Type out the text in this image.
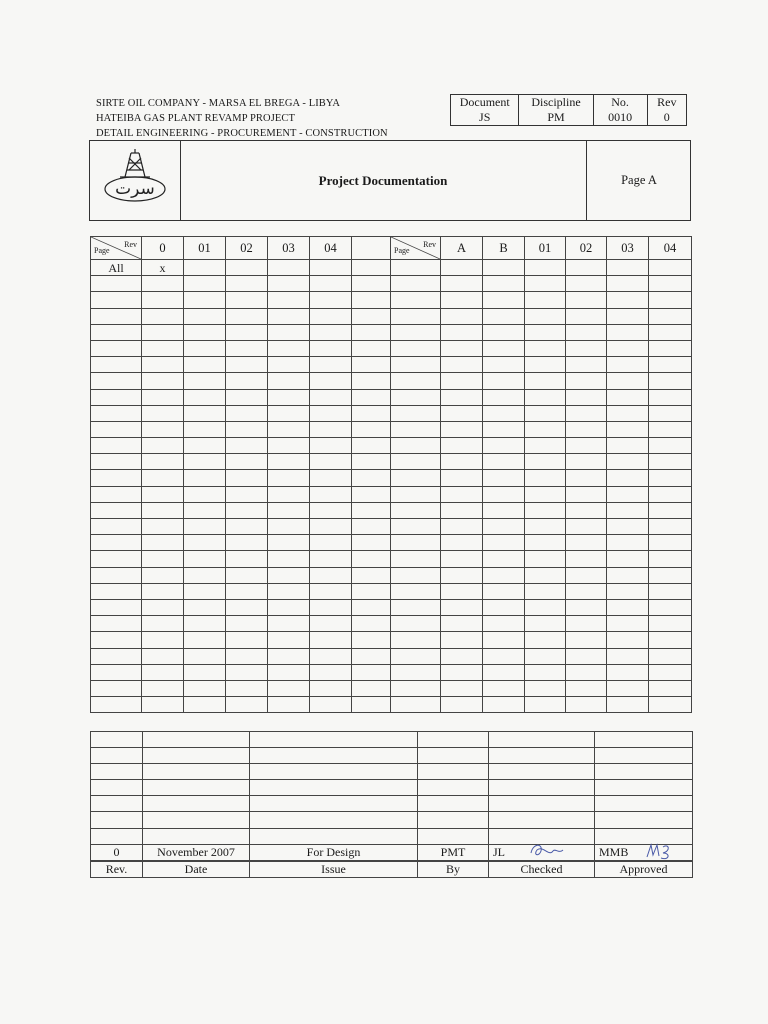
SIRTE OIL COMPANY - MARSA EL BREGA - LIBYA
HATEIBA GAS PLANT REVAMP PROJECT
DETAIL ENGINEERING - PROCUREMENT - CONSTRUCTION
Document	Discipline	No.	Rev
JS	PM	0010	0
سرت	Project Documentation	Page A
Rev
Page	0	01	02	03	04	
All	x					

Rev
Page	A	B	01	02	03	04

0	November 2007	For Design	PMT	JL	MMB

Rev.	Date	Issue	By	Checked	Approved
